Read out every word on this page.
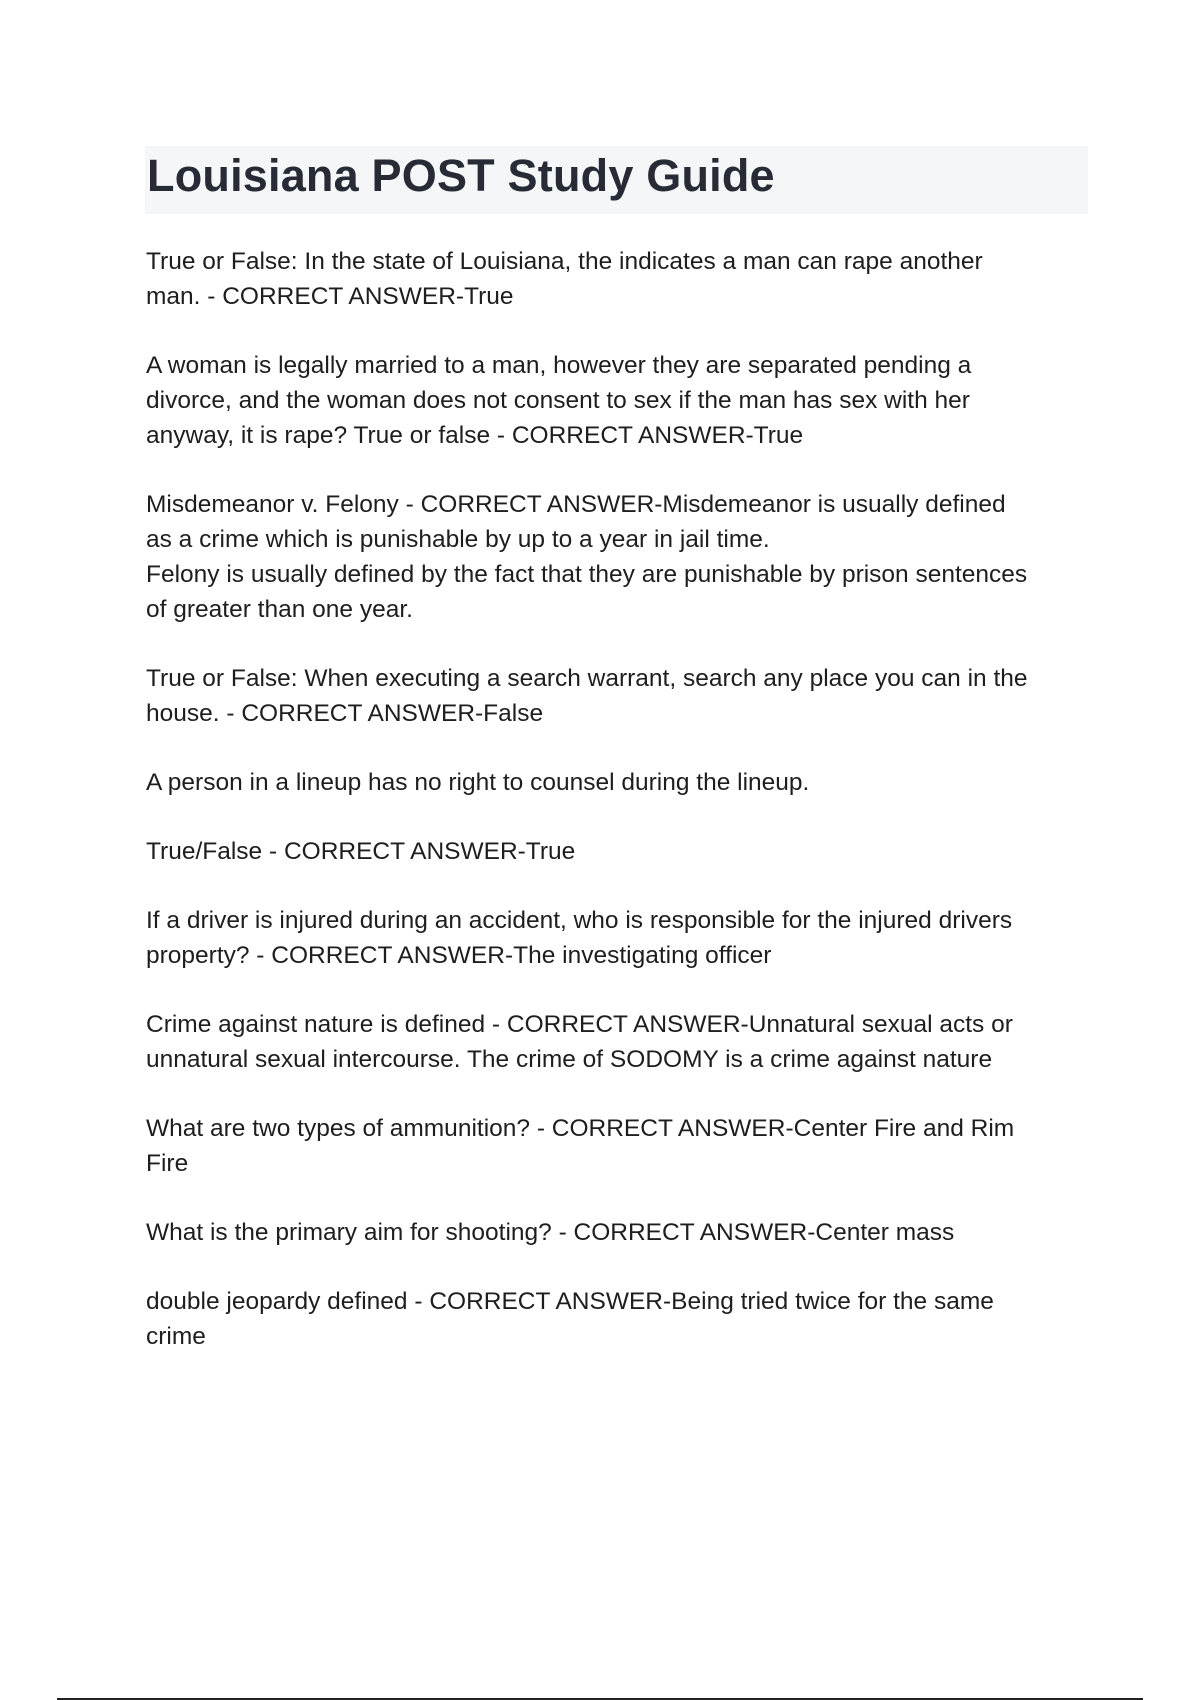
Louisiana POST Study Guide

True or False: In the state of Louisiana, the indicates a man can rape another
man. - CORRECT ANSWER-True

A woman is legally married to a man, however they are separated pending a
divorce, and the woman does not consent to sex if the man has sex with her
anyway, it is rape? True or false - CORRECT ANSWER-True

Misdemeanor v. Felony - CORRECT ANSWER-Misdemeanor is usually defined
as a crime which is punishable by up to a year in jail time.
Felony is usually defined by the fact that they are punishable by prison sentences
of greater than one year.

True or False: When executing a search warrant, search any place you can in the
house. - CORRECT ANSWER-False

A person in a lineup has no right to counsel during the lineup.

True/False - CORRECT ANSWER-True

If a driver is injured during an accident, who is responsible for the injured drivers
property? - CORRECT ANSWER-The investigating officer

Crime against nature is defined - CORRECT ANSWER-Unnatural sexual acts or
unnatural sexual intercourse. The crime of SODOMY is a crime against nature

What are two types of ammunition? - CORRECT ANSWER-Center Fire and Rim
Fire

What is the primary aim for shooting? - CORRECT ANSWER-Center mass

double jeopardy defined - CORRECT ANSWER-Being tried twice for the same
crime
